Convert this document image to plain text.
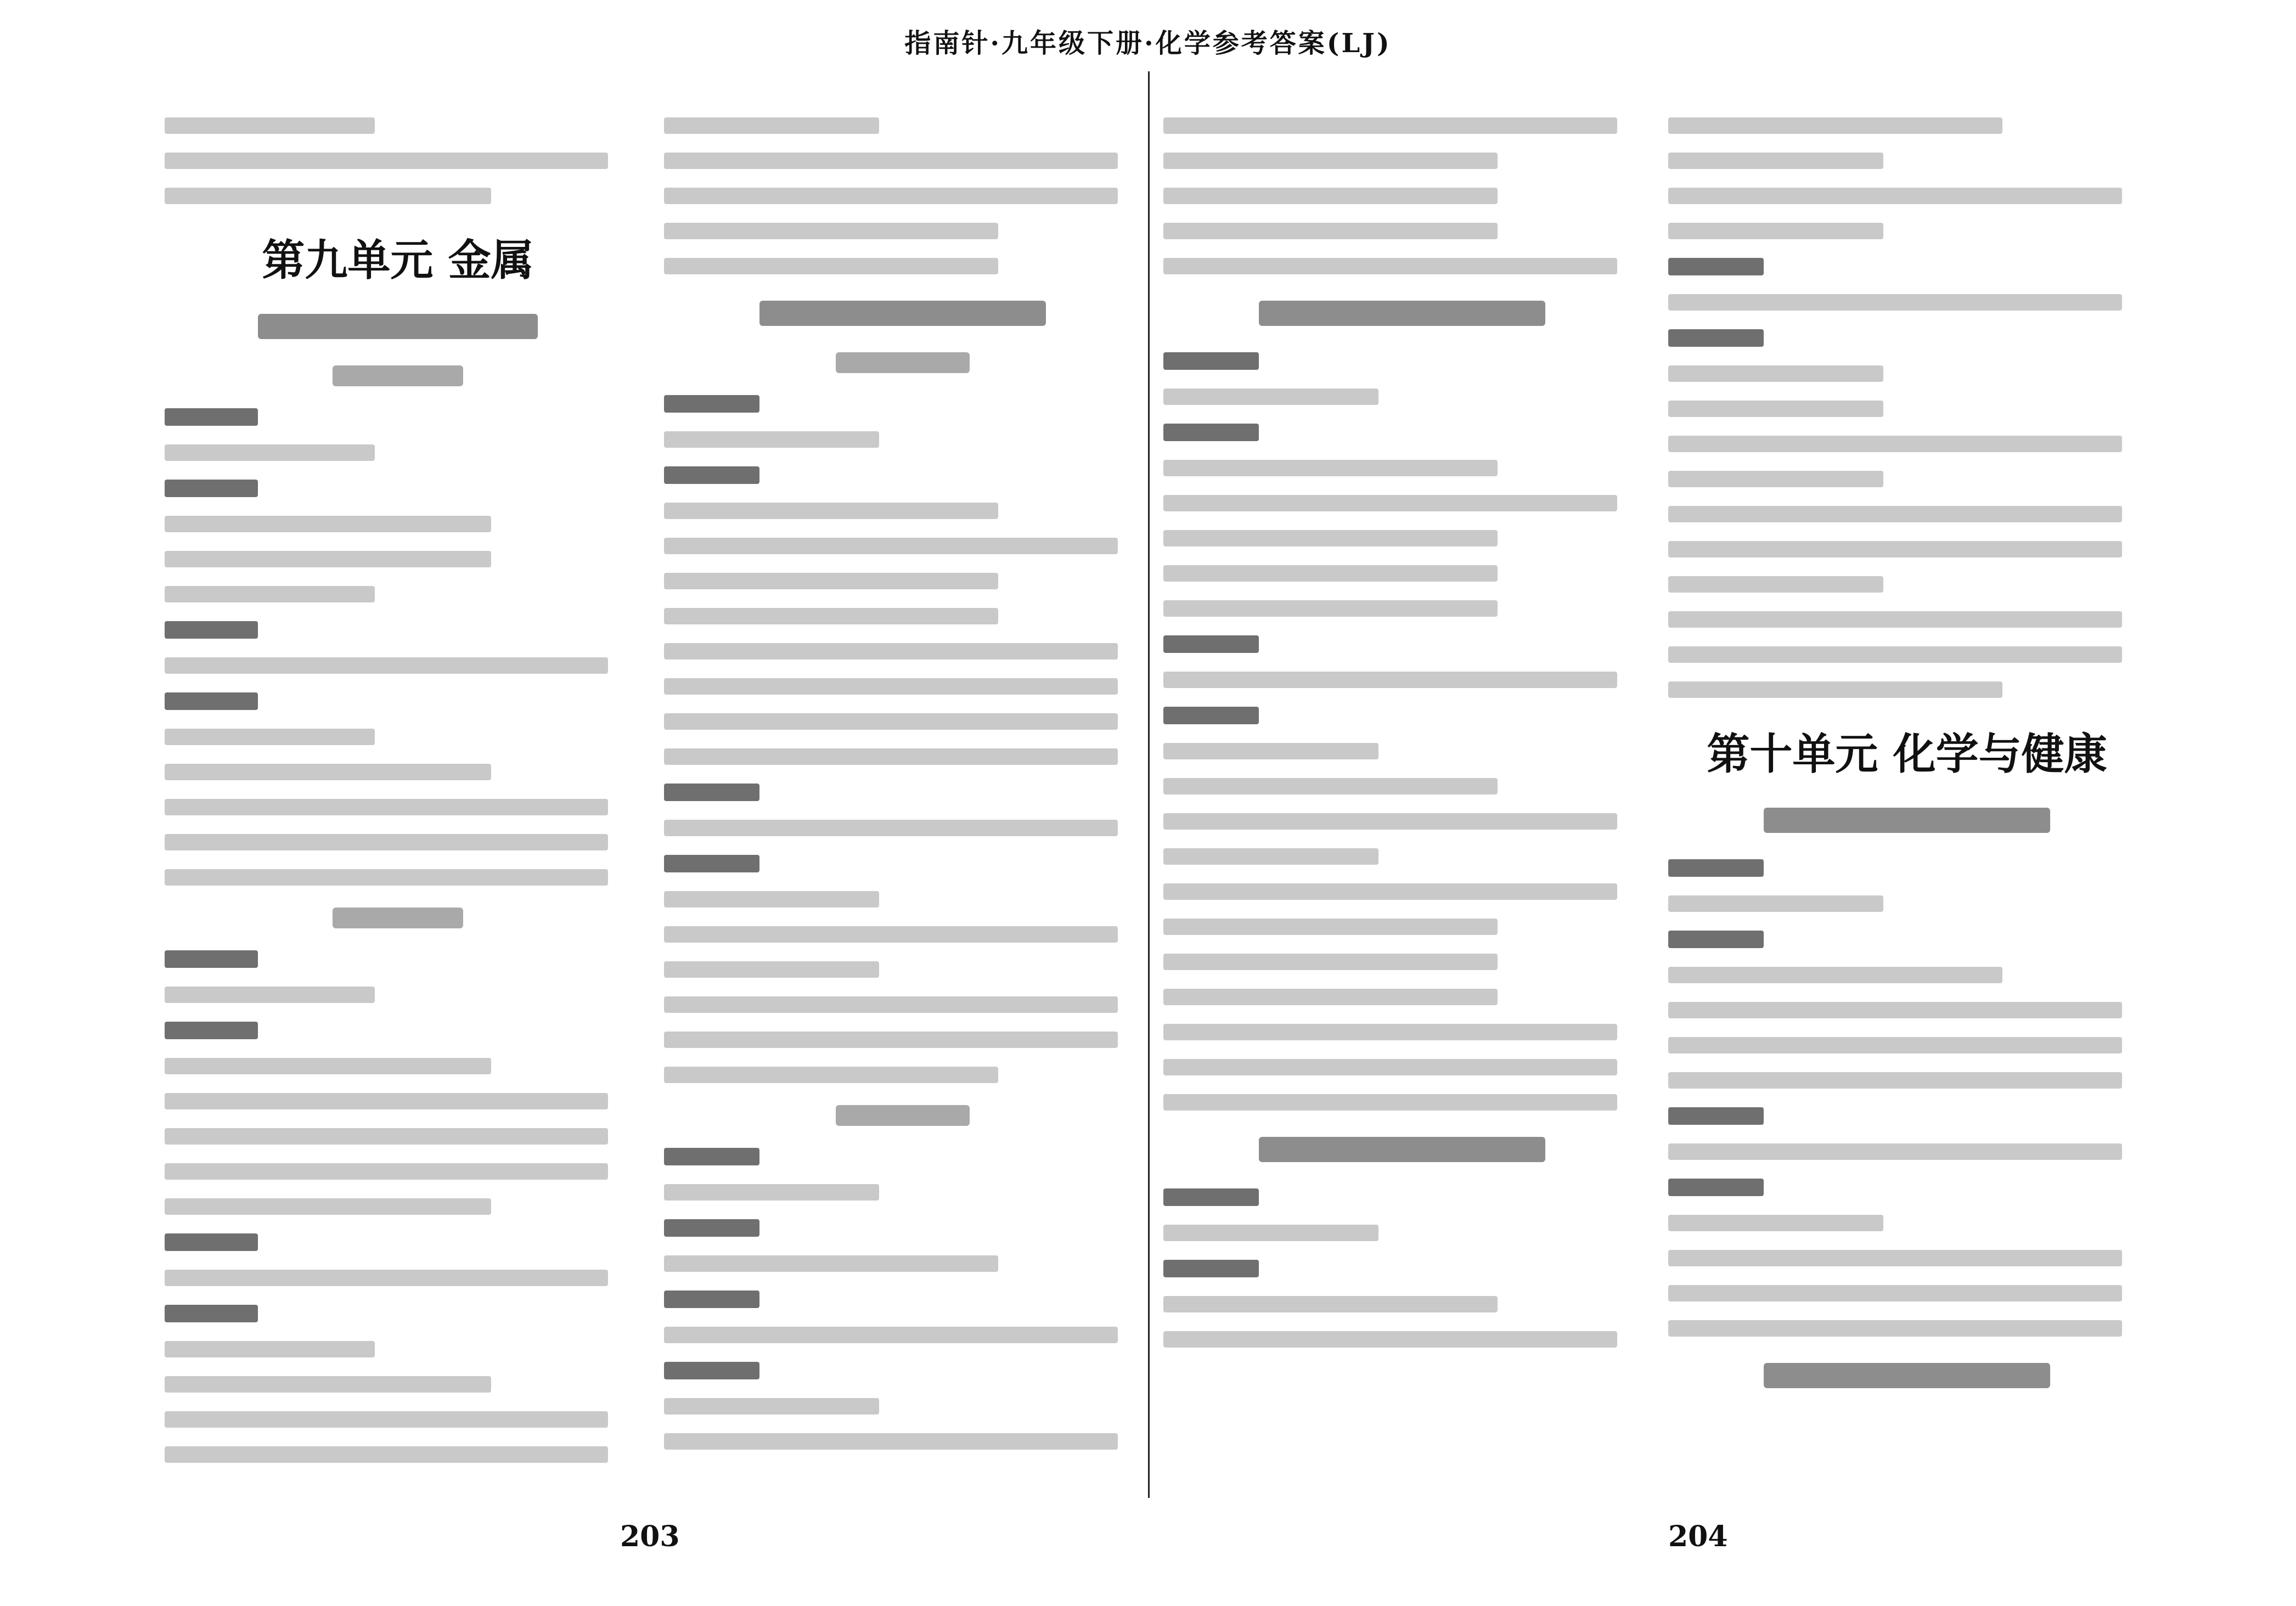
指南针·九年级下册·化学参考答案(LJ)
第九单元 金属
第十单元 化学与健康
203	204
